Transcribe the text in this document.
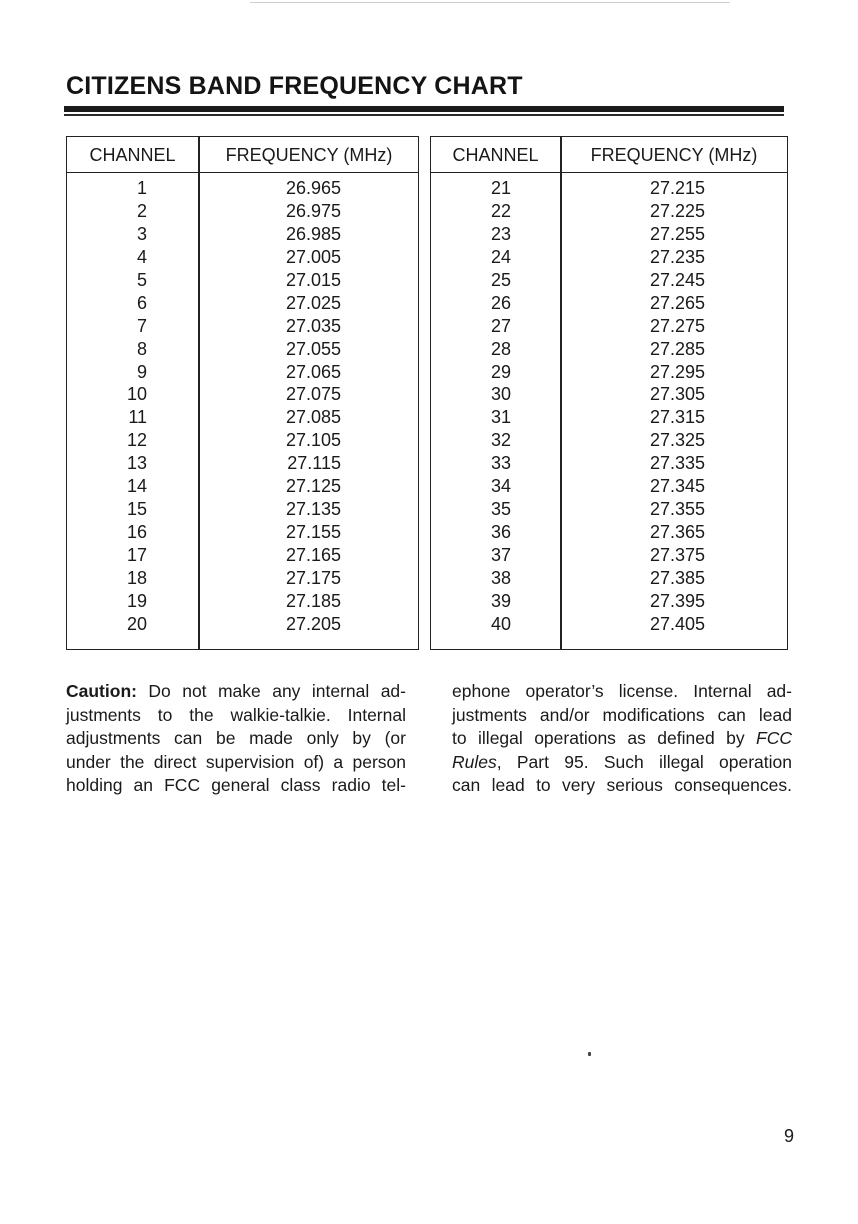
CITIZENS BAND FREQUENCY CHART
CHANNEL	FREQUENCY (MHz)
1	26.965
2	26.975
3	26.985
4	27.005
5	27.015
6	27.025
7	27.035
8	27.055
9	27.065
10	27.075
11	27.085
12	27.105
13	27.115
14	27.125
15	27.135
16	27.155
17	27.165
18	27.175
19	27.185
20	27.205
CHANNEL	FREQUENCY (MHz)
21	27.215
22	27.225
23	27.255
24	27.235
25	27.245
26	27.265
27	27.275
28	27.285
29	27.295
30	27.305
31	27.315
32	27.325
33	27.335
34	27.345
35	27.355
36	27.365
37	27.375
38	27.385
39	27.395
40	27.405

Caution: Do not make any internal ad-
justments to the walkie-talkie. Internal
adjustments can be made only by (or
under the direct supervision of) a person
holding an FCC general class radio tel-

ephone operator’s license. Internal ad-
justments and/or modifications can lead
to illegal operations as defined by FCC
Rules, Part 95. Such illegal operation
can lead to very serious consequences.

9
